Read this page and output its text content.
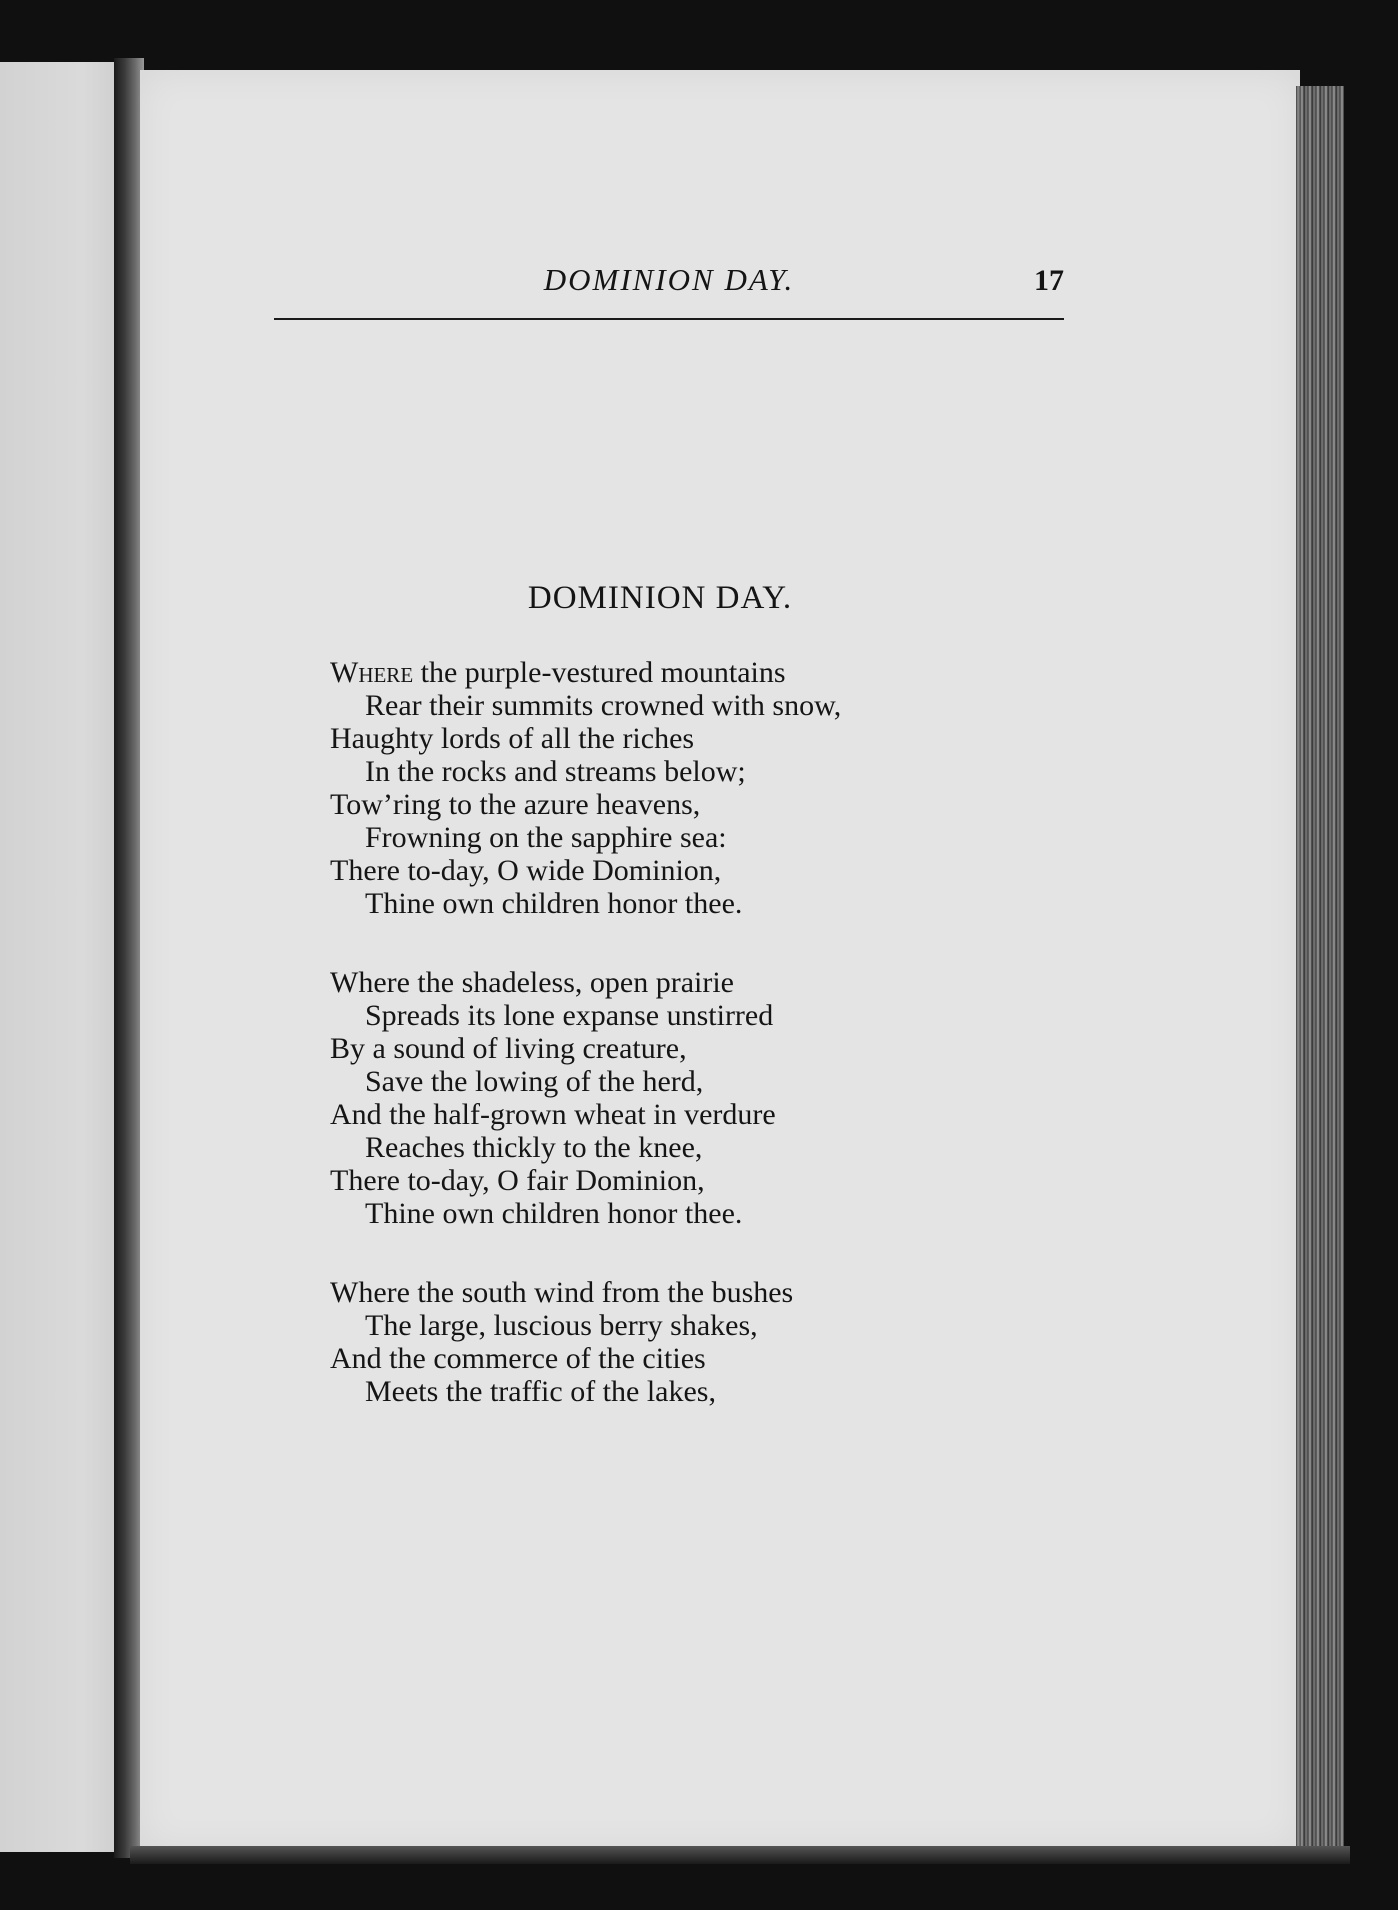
DOMINION DAY.	17
DOMINION DAY.
Where the purple-vestured mountains
Rear their summits crowned with snow,
Haughty lords of all the riches
In the rocks and streams below;
Tow’ring to the azure heavens,
Frowning on the sapphire sea:
There to-day, O wide Dominion,
Thine own children honor thee.
Where the shadeless, open prairie
Spreads its lone expanse unstirred
By a sound of living creature,
Save the lowing of the herd,
And the half-grown wheat in verdure
Reaches thickly to the knee,
There to-day, O fair Dominion,
Thine own children honor thee.
Where the south wind from the bushes
The large, luscious berry shakes,
And the commerce of the cities
Meets the traffic of the lakes,
